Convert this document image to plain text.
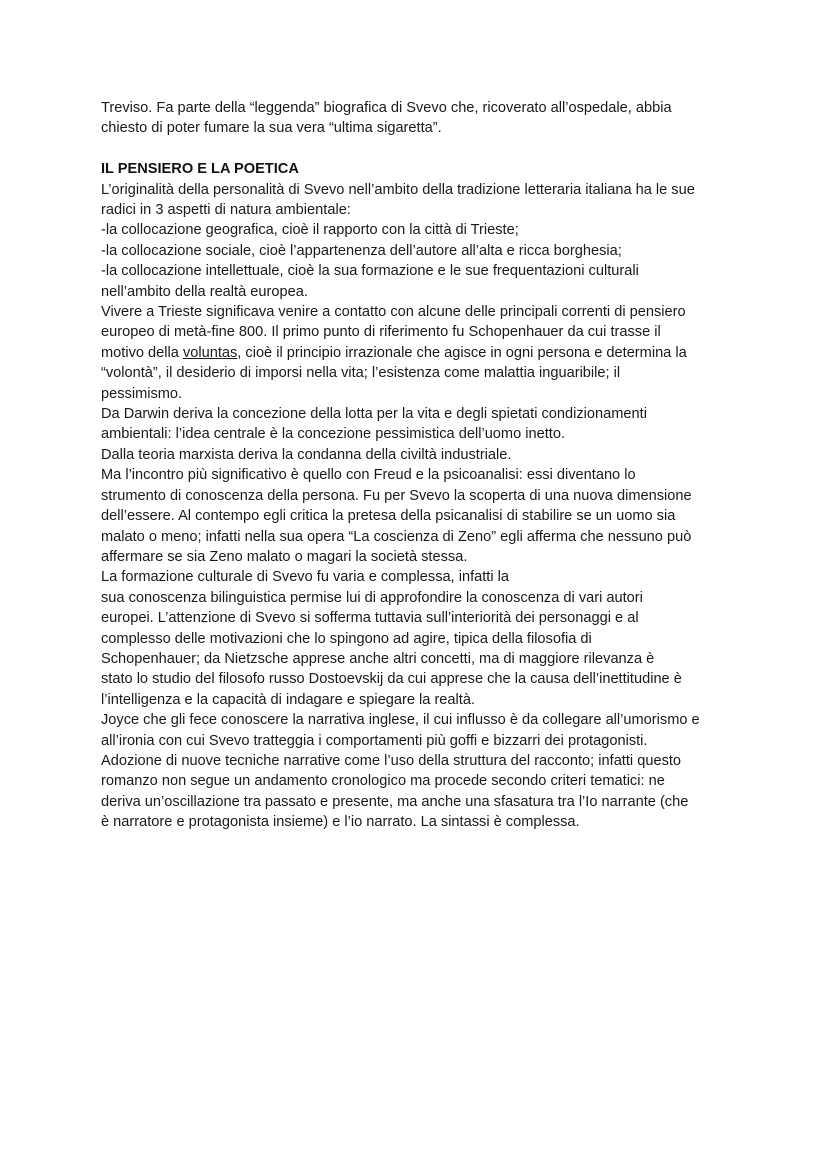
Treviso. Fa parte della “leggenda” biografica di Svevo che, ricoverato all’ospedale, abbia
chiesto di poter fumare la sua vera “ultima sigaretta”.
IL PENSIERO E LA POETICA
L’originalità della personalità di Svevo nell’ambito della tradizione letteraria italiana ha le sue
radici in 3 aspetti di natura ambientale:
-la collocazione geografica, cioè il rapporto con la città di Trieste;
-la collocazione sociale, cioè l’appartenenza dell’autore all’alta e ricca borghesia;
-la collocazione intellettuale, cioè la sua formazione e le sue frequentazioni culturali
nell’ambito della realtà europea.
Vivere a Trieste significava venire a contatto con alcune delle principali correnti di pensiero
europeo di metà-fine 800. Il primo punto di riferimento fu Schopenhauer da cui trasse il
motivo della voluntas, cioè il principio irrazionale che agisce in ogni persona e determina la
“volontà”, il desiderio di imporsi nella vita; l’esistenza come malattia inguaribile; il
pessimismo.
Da Darwin deriva la concezione della lotta per la vita e degli spietati condizionamenti
ambientali: l’idea centrale è la concezione pessimistica dell’uomo inetto.
Dalla teoria marxista deriva la condanna della civiltà industriale.
Ma l’incontro più significativo è quello con Freud e la psicoanalisi: essi diventano lo
strumento di conoscenza della persona. Fu per Svevo la scoperta di una nuova dimensione
dell’essere. Al contempo egli critica la pretesa della psicanalisi di stabilire se un uomo sia
malato o meno; infatti nella sua opera “La coscienza di Zeno” egli afferma che nessuno può
affermare se sia Zeno malato o magari la società stessa.
La formazione culturale di Svevo fu varia e complessa, infatti la
sua conoscenza bilinguistica permise lui di approfondire la conoscenza di vari autori
europei. L’attenzione di Svevo si sofferma tuttavia sull’interiorità dei personaggi e al
complesso delle motivazioni che lo spingono ad agire, tipica della filosofia di
Schopenhauer; da Nietzsche apprese anche altri concetti, ma di maggiore rilevanza è
stato lo studio del filosofo russo Dostoevskij da cui apprese che la causa dell’inettitudine è
l’intelligenza e la capacità di indagare e spiegare la realtà.
Joyce che gli fece conoscere la narrativa inglese, il cui influsso è da collegare all’umorismo e
all’ironia con cui Svevo tratteggia i comportamenti più goffi e bizzarri dei protagonisti.
Adozione di nuove tecniche narrative come l’uso della struttura del racconto; infatti questo
romanzo non segue un andamento cronologico ma procede secondo criteri tematici: ne
deriva un’oscillazione tra passato e presente, ma anche una sfasatura tra l’Io narrante (che
è narratore e protagonista insieme) e l’io narrato. La sintassi è complessa.
